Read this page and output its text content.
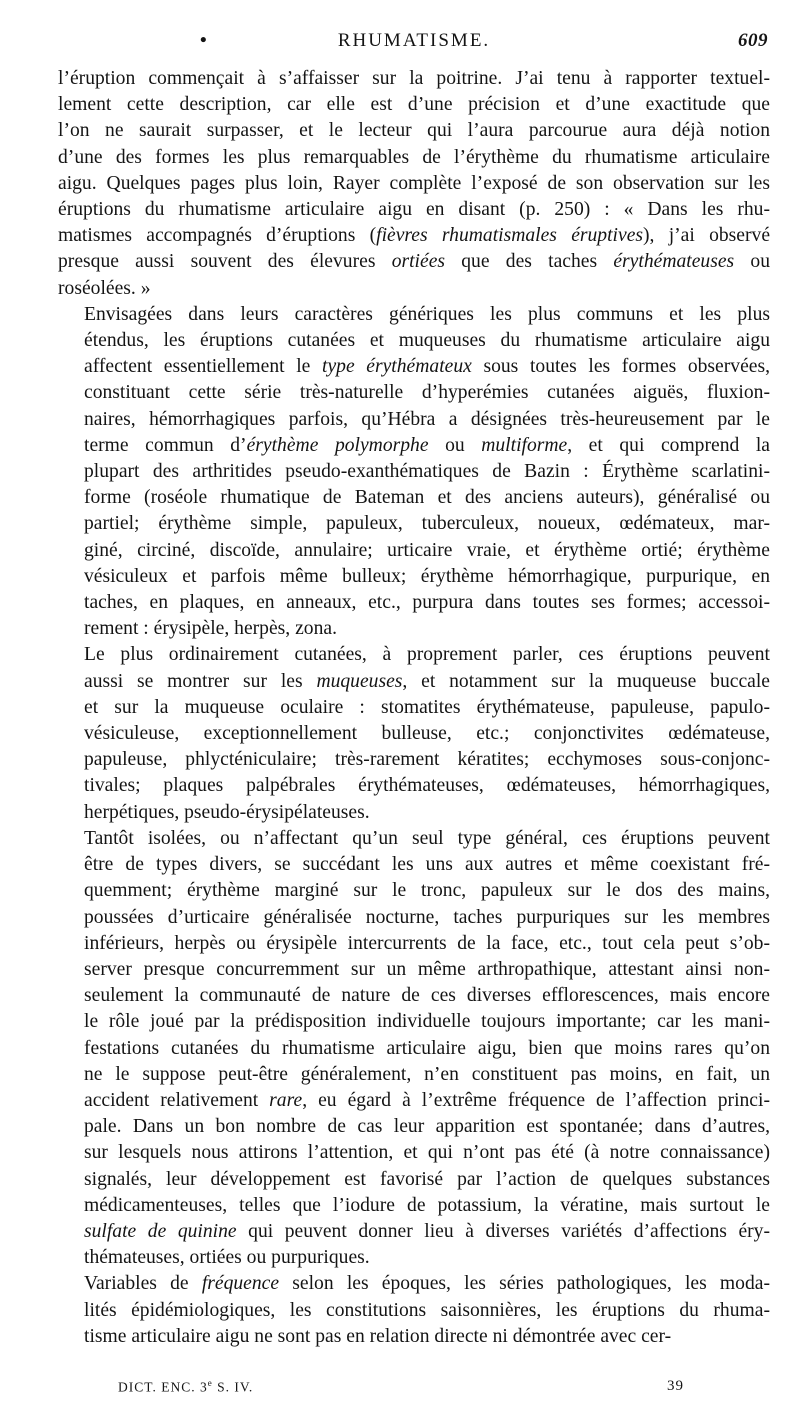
•	RHUMATISME.	609
l’éruption commençait à s’affaisser sur la poitrine. J’ai tenu à rapporter textuel-
lement cette description, car elle est d’une précision et d’une exactitude que
l’on ne saurait surpasser, et le lecteur qui l’aura parcourue aura déjà notion
d’une des formes les plus remarquables de l’érythème du rhumatisme articulaire
aigu. Quelques pages plus loin, Rayer complète l’exposé de son observation sur les
éruptions du rhumatisme articulaire aigu en disant (p. 250) : « Dans les rhu-
matismes accompagnés d’éruptions (fièvres rhumatismales éruptives), j’ai observé
presque aussi souvent des élevures ortiées que des taches érythémateuses ou
roséolées. »
Envisagées dans leurs caractères génériques les plus communs et les plus
étendus, les éruptions cutanées et muqueuses du rhumatisme articulaire aigu
affectent essentiellement le type érythémateux sous toutes les formes observées,
constituant cette série très-naturelle d’hyperémies cutanées aiguës, fluxion-
naires, hémorrhagiques parfois, qu’Hébra a désignées très-heureusement par le
terme commun d’érythème polymorphe ou multiforme, et qui comprend la
plupart des arthritides pseudo-exanthématiques de Bazin : Érythème scarlatini-
forme (roséole rhumatique de Bateman et des anciens auteurs), généralisé ou
partiel; érythème simple, papuleux, tuberculeux, noueux, œdémateux, mar-
giné, circiné, discoïde, annulaire; urticaire vraie, et érythème ortié; érythème
vésiculeux et parfois même bulleux; érythème hémorrhagique, purpurique, en
taches, en plaques, en anneaux, etc., purpura dans toutes ses formes; accessoi-
rement : érysipèle, herpès, zona.
Le plus ordinairement cutanées, à proprement parler, ces éruptions peuvent
aussi se montrer sur les muqueuses, et notamment sur la muqueuse buccale
et sur la muqueuse oculaire : stomatites érythémateuse, papuleuse, papulo-
vésiculeuse, exceptionnellement bulleuse, etc.; conjonctivites œdémateuse,
papuleuse, phlycténiculaire; très-rarement kératites; ecchymoses sous-conjonc-
tivales; plaques palpébrales érythémateuses, œdémateuses, hémorrhagiques,
herpétiques, pseudo-érysipélateuses.
Tantôt isolées, ou n’affectant qu’un seul type général, ces éruptions peuvent
être de types divers, se succédant les uns aux autres et même coexistant fré-
quemment; érythème marginé sur le tronc, papuleux sur le dos des mains,
poussées d’urticaire généralisée nocturne, taches purpuriques sur les membres
inférieurs, herpès ou érysipèle intercurrents de la face, etc., tout cela peut s’ob-
server presque concurremment sur un même arthropathique, attestant ainsi non-
seulement la communauté de nature de ces diverses efflorescences, mais encore
le rôle joué par la prédisposition individuelle toujours importante; car les mani-
festations cutanées du rhumatisme articulaire aigu, bien que moins rares qu’on
ne le suppose peut-être généralement, n’en constituent pas moins, en fait, un
accident relativement rare, eu égard à l’extrême fréquence de l’affection princi-
pale. Dans un bon nombre de cas leur apparition est spontanée; dans d’autres,
sur lesquels nous attirons l’attention, et qui n’ont pas été (à notre connaissance)
signalés, leur développement est favorisé par l’action de quelques substances
médicamenteuses, telles que l’iodure de potassium, la vératine, mais surtout le
sulfate de quinine qui peuvent donner lieu à diverses variétés d’affections éry-
thémateuses, ortiées ou purpuriques.
Variables de fréquence selon les époques, les séries pathologiques, les moda-
lités épidémiologiques, les constitutions saisonnières, les éruptions du rhuma-
tisme articulaire aigu ne sont pas en relation directe ni démontrée avec cer-
DICT. ENC. 3e S. IV.	39
